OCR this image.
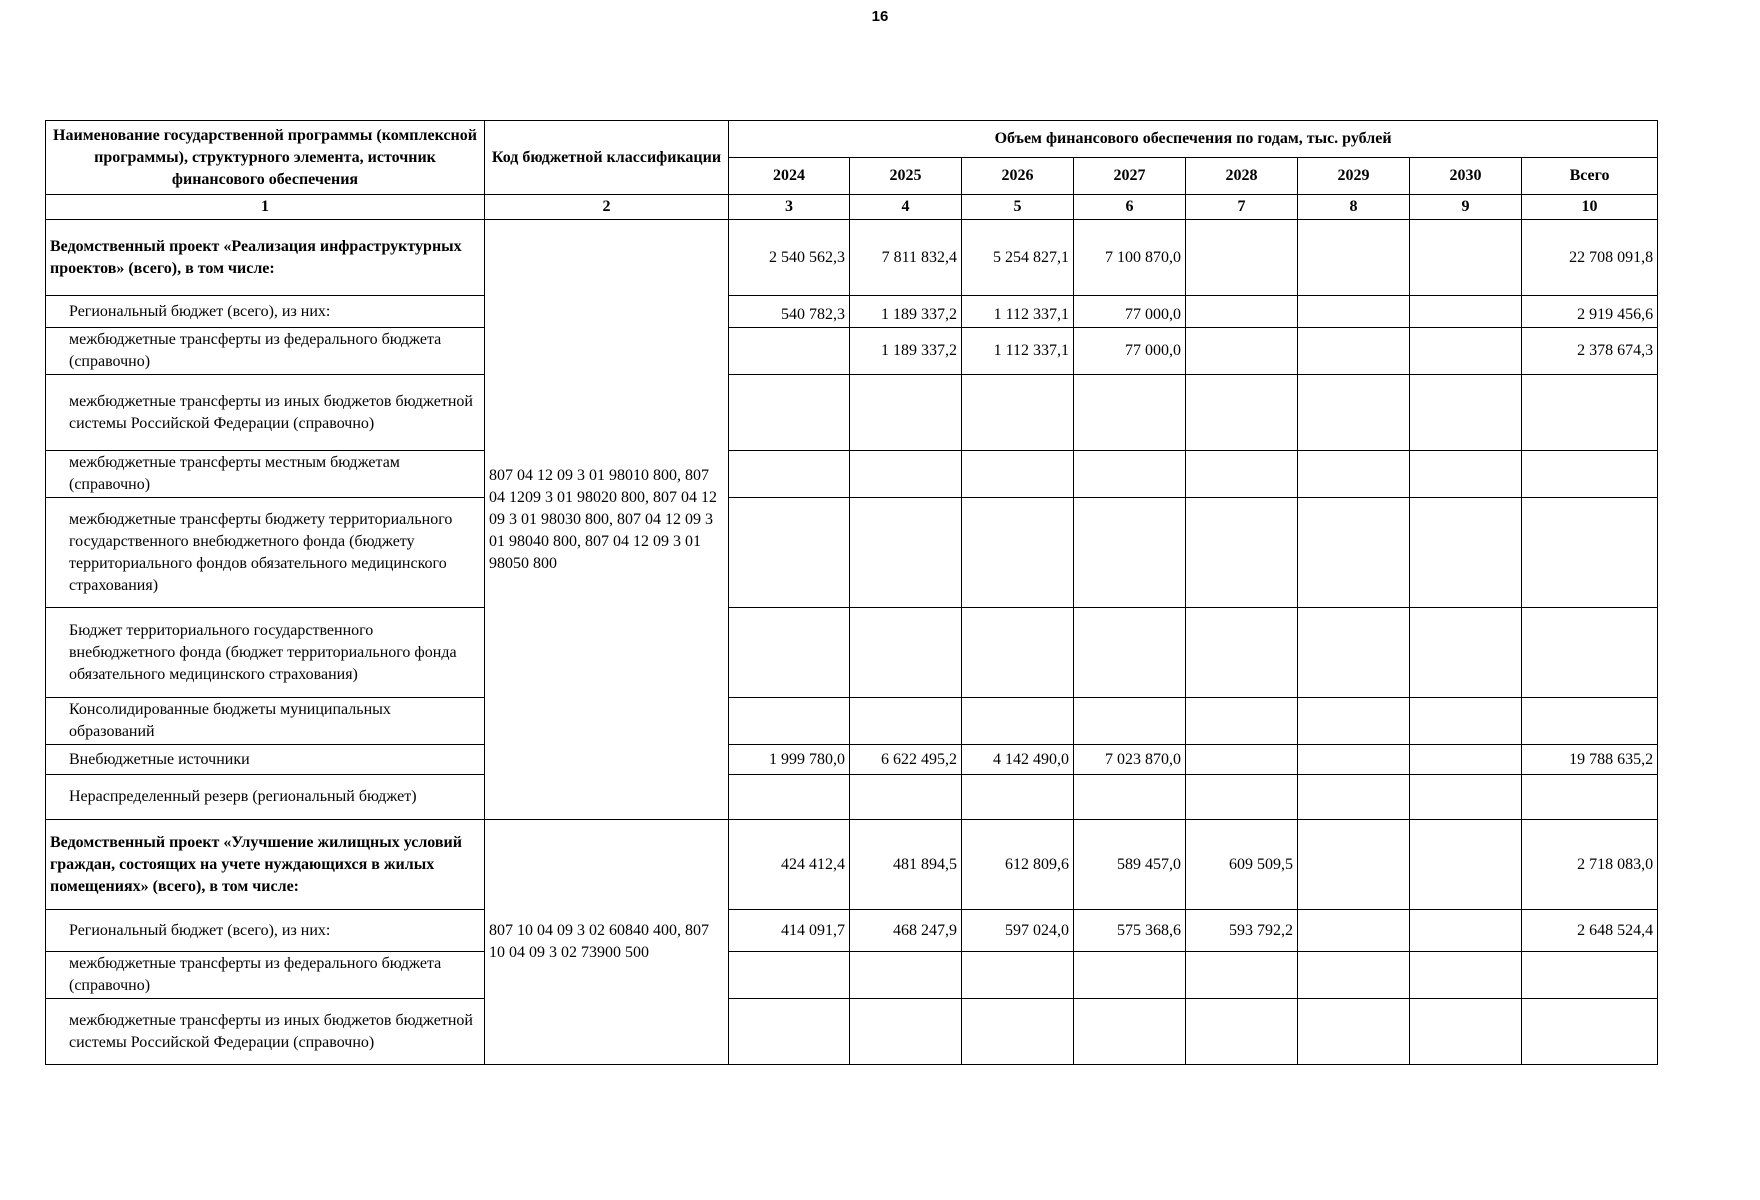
16
Наименование государственной программы (комплексной программы), структурного элемента, источник финансового обеспечения	Код бюджетной классификации	Объем финансового обеспечения по годам, тыс. рублей							
		2024	2025	2026	2027	2028	2029	2030	Всего
1	2	3	4	5	6	7	8	9	10
Ведомственный проект «Реализация инфраструктурных проектов» (всего), в том числе:	807 04 12 09 3 01 98010 800, 807 04 1209 3 01 98020 800, 807 04 12 09 3 01 98030 800, 807 04 12 09 3 01 98040 800, 807 04 12 09 3 01 98050 800	2 540 562,3	7 811 832,4	5 254 827,1	7 100 870,0				22 708 091,8
Региональный бюджет (всего), из них:		540 782,3	1 189 337,2	1 112 337,1	77 000,0				2 919 456,6
межбюджетные трансферты из федерального бюджета (справочно)			1 189 337,2	1 112 337,1	77 000,0				2 378 674,3
межбюджетные трансферты из иных бюджетов бюджетной системы Российской Федерации (справочно)									
межбюджетные трансферты местным бюджетам (справочно)									
межбюджетные трансферты бюджету территориального государственного внебюджетного фонда (бюджету территориального фондов обязательного медицинского страхования)									
Бюджет территориального государственного внебюджетного фонда (бюджет территориального фонда обязательного медицинского страхования)									
Консолидированные бюджеты муниципальных образований									
Внебюджетные источники		1 999 780,0	6 622 495,2	4 142 490,0	7 023 870,0				19 788 635,2
Нераспределенный резерв (региональный бюджет)									
Ведомственный проект «Улучшение жилищных условий граждан, состоящих на учете нуждающихся в жилых помещениях» (всего), в том числе:	807 10 04 09 3 02 60840 400, 807 10 04 09 3 02 73900 500	424 412,4	481 894,5	612 809,6	589 457,0	609 509,5			2 718 083,0
Региональный бюджет (всего), из них:		414 091,7	468 247,9	597 024,0	575 368,6	593 792,2			2 648 524,4
межбюджетные трансферты из федерального бюджета (справочно)									
межбюджетные трансферты из иных бюджетов бюджетной системы Российской Федерации (справочно)									
